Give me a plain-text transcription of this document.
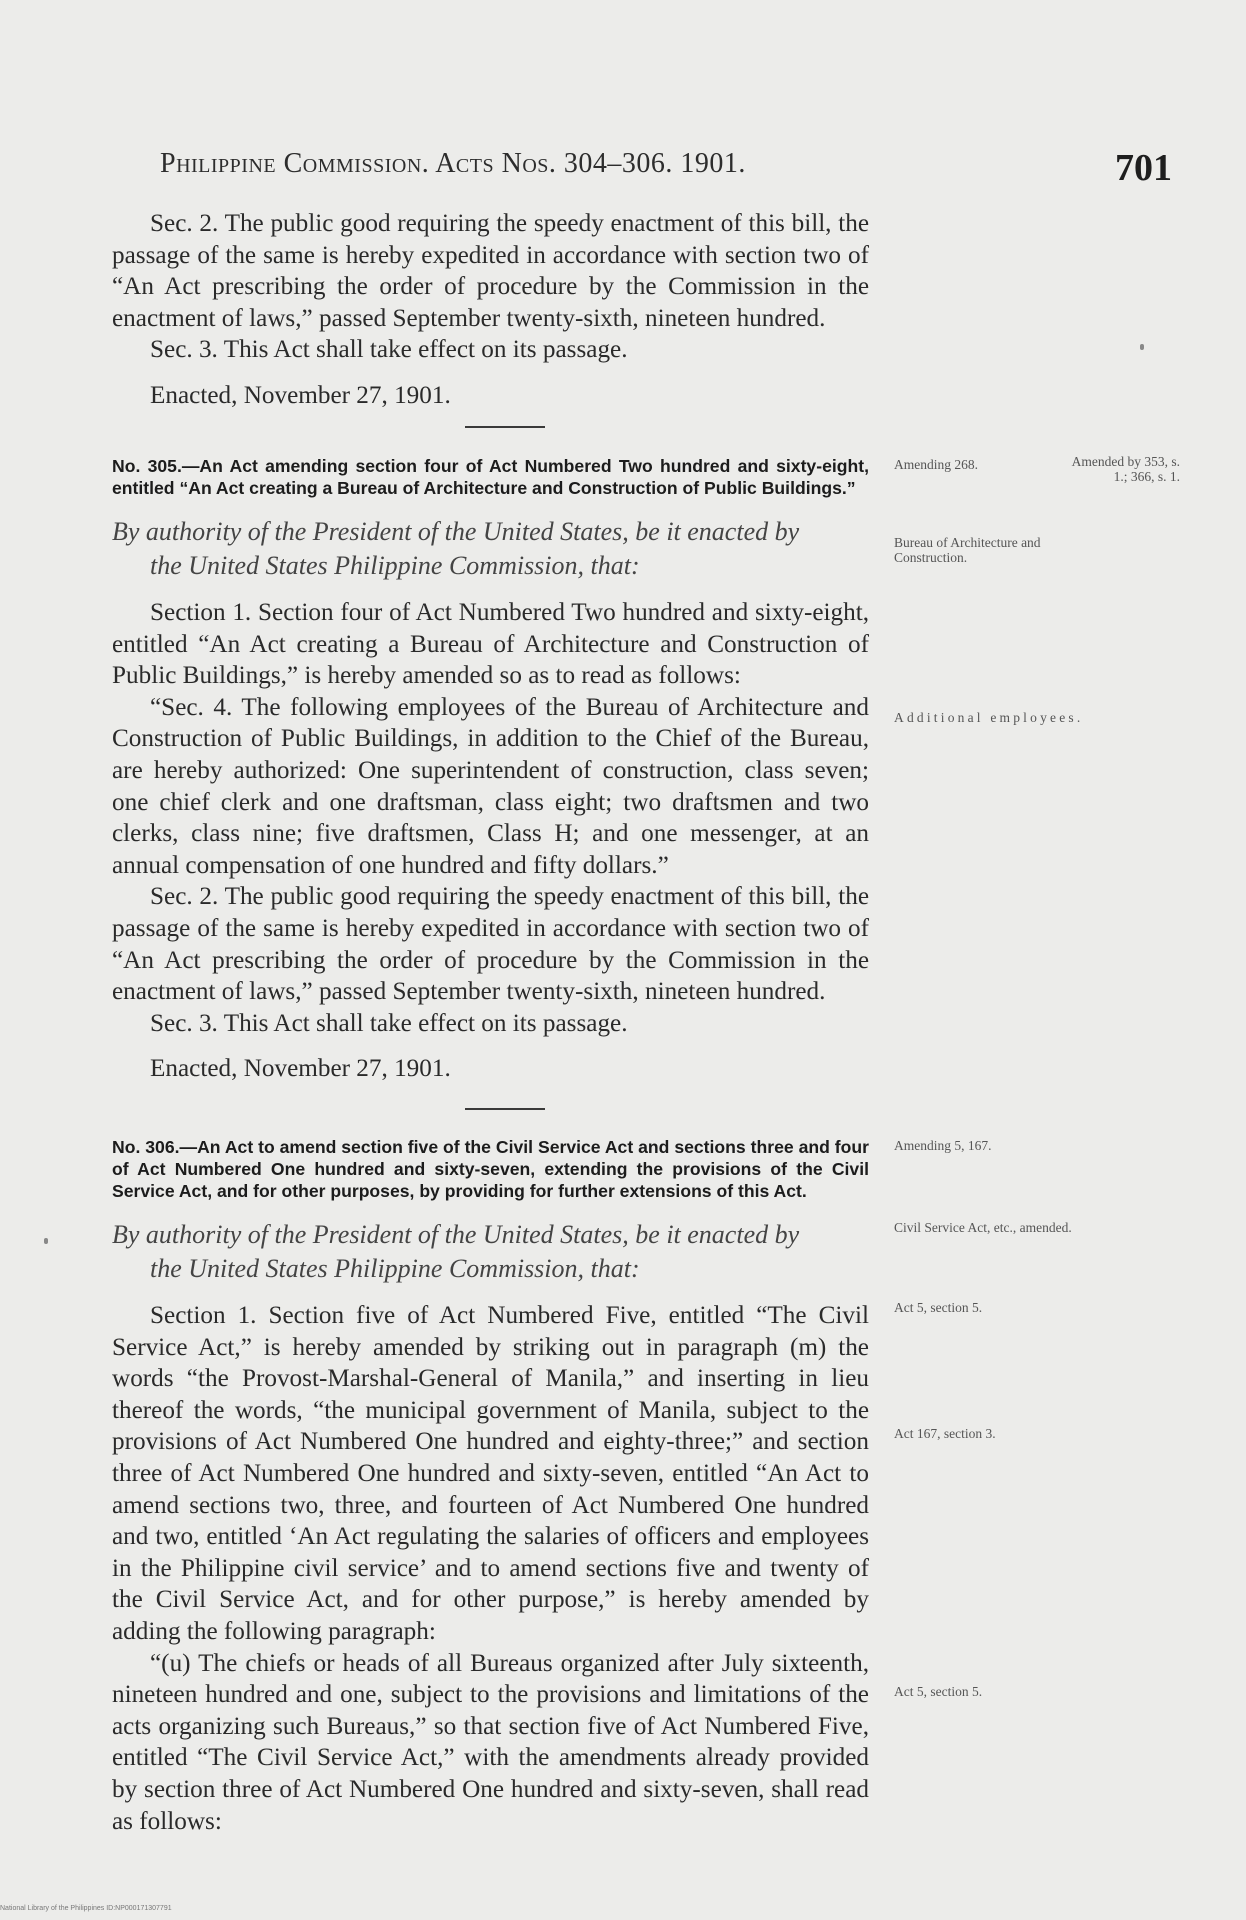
Philippine Commission. Acts Nos. 304–306. 1901.	701

Sec. 2. The public good requiring the speedy enactment of this bill, the passage of the same is hereby expedited in accordance with section two of “An Act prescribing the order of procedure by the Commission in the enactment of laws,” passed September twenty-sixth, nineteen hundred.

Sec. 3. This Act shall take effect on its passage.

Enacted, November 27, 1901.

No. 305.—An Act amending section four of Act Numbered Two hundred and sixty-eight, entitled “An Act creating a Bureau of Architecture and Construction of Public Buildings.”

By authority of the President of the United States, be it enacted by
the United States Philippine Commission, that:

Section 1. Section four of Act Numbered Two hundred and sixty-eight, entitled “An Act creating a Bureau of Architecture and Construction of Public Buildings,” is hereby amended so as to read as follows:

“Sec. 4. The following employees of the Bureau of Architecture and Construction of Public Buildings, in addition to the Chief of the Bureau, are hereby authorized: One superintendent of construction, class seven; one chief clerk and one draftsman, class eight; two draftsmen and two clerks, class nine; five draftsmen, Class H; and one messenger, at an annual compensation of one hundred and fifty dollars.”

Sec. 2. The public good requiring the speedy enactment of this bill, the passage of the same is hereby expedited in accordance with section two of “An Act prescribing the order of procedure by the Commission in the enactment of laws,” passed September twenty-sixth, nineteen hundred.

Sec. 3. This Act shall take effect on its passage.

Enacted, November 27, 1901.

No. 306.—An Act to amend section five of the Civil Service Act and sections three and four of Act Numbered One hundred and sixty-seven, extending the provisions of the Civil Service Act, and for other purposes, by providing for further extensions of this Act.

By authority of the President of the United States, be it enacted by
the United States Philippine Commission, that:

Section 1. Section five of Act Numbered Five, entitled “The Civil Service Act,” is hereby amended by striking out in paragraph (m) the words “the Provost-Marshal-General of Manila,” and inserting in lieu thereof the words, “the municipal government of Manila, subject to the provisions of Act Numbered One hundred and eighty-three;” and section three of Act Numbered One hundred and sixty-seven, entitled “An Act to amend sections two, three, and fourteen of Act Numbered One hundred and two, entitled ‘An Act regulating the salaries of officers and employees in the Philippine civil service’ and to amend sections five and twenty of the Civil Service Act, and for other purpose,” is hereby amended by adding the following paragraph:

“(u) The chiefs or heads of all Bureaus organized after July sixteenth, nineteen hundred and one, subject to the provisions and limitations of the acts organizing such Bureaus,” so that section five of Act Numbered Five, entitled “The Civil Service Act,” with the amendments already provided by section three of Act Numbered One hundred and sixty-seven, shall read as follows:

Amending 268.	Amended by 353, s. 1.; 366, s. 1.
Bureau of Architecture and Construction.
Additional employees.
Amending 5, 167.
Civil Service Act, etc., amended.
Act 5, section 5.
Act 167, section 3.
Act 5, section 5.
National Library of the Philippines ID:NP000171307791
